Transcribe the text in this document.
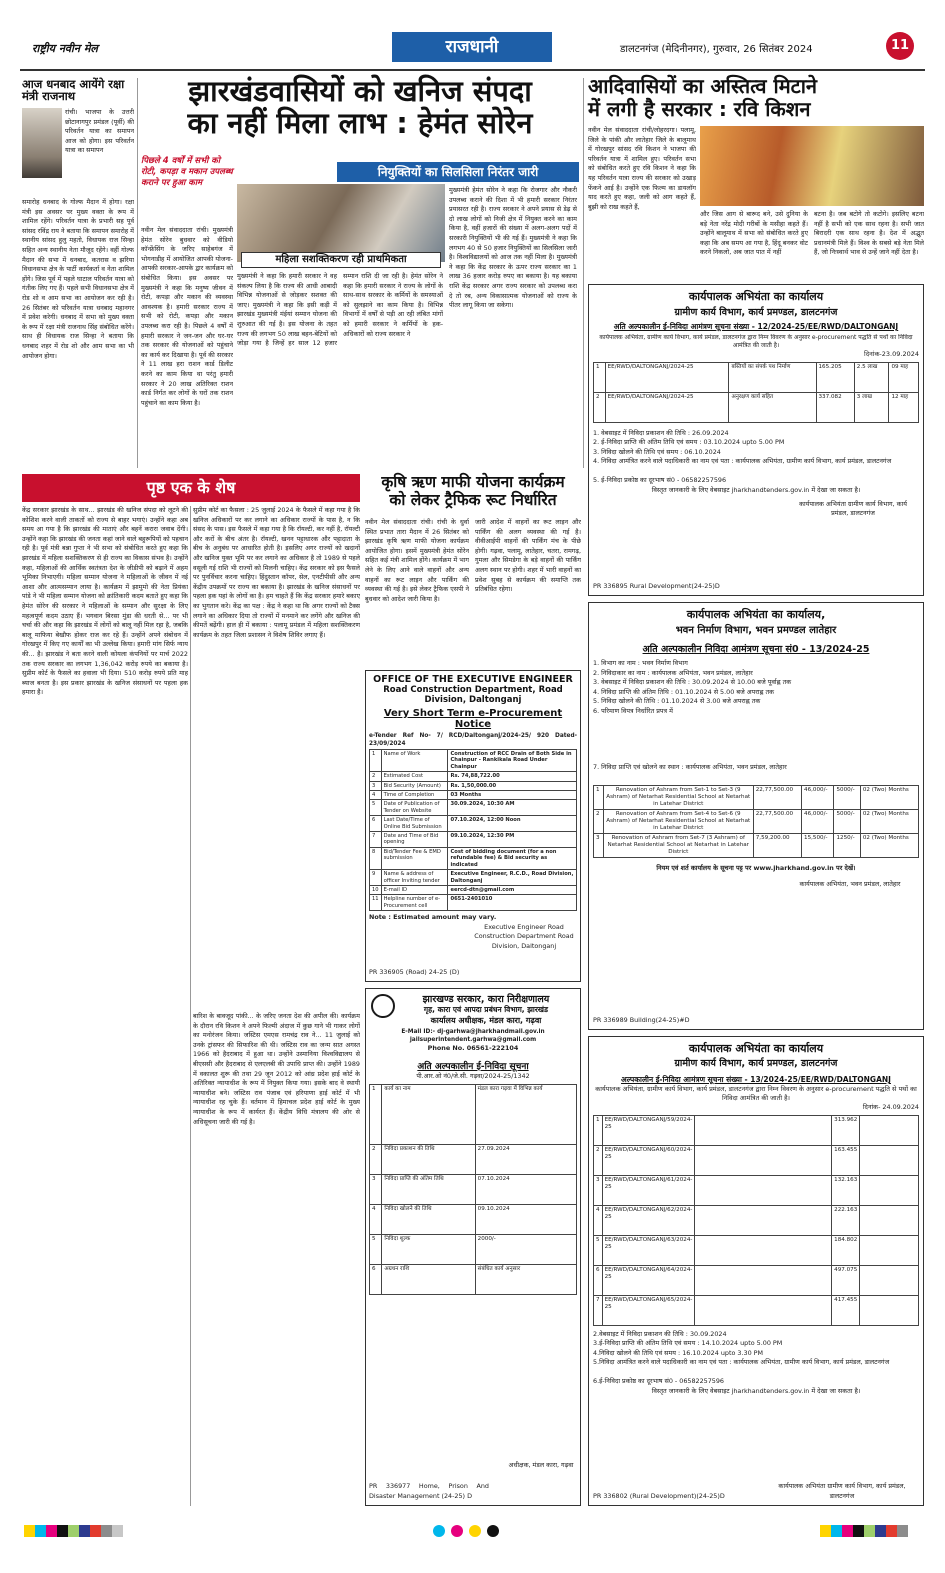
राष्ट्रीय नवीन मेल	राजधानी	डालटनगंज (मेदिनीनगर), गुरुवार, 26 सितंबर 2024	11
आज धनबाद आयेंगे रक्षा मंत्री राजनाथ
रांची। भाजपा के उत्तरी छोटानागपुर प्रमंडल (पूर्वी) की परिवर्तन यात्रा का समापन आज को होगा। इस परिवर्तन यात्रा का समापन
समारोह धनबाद के गोल्फ मैदान में होगा। रक्षा मंत्री इस अवसर पर मुख्य वक्ता के रूप में शामिल रहेंगे। परिवर्तन यात्रा के प्रभारी सह पूर्व सांसद रविंद्र राय ने बताया कि समापन समारोह में स्थानीय सांसद हुलु महतो, विधायक राज सिन्हा सहित अन्य स्थानीय नेता मौजूद रहेंगे। वहीं गोल्फ मैदान की सभा में धनबाद, कतरास व झरिया विधानसभा क्षेत्र के पार्टी कार्यकर्ता व नेता शामिल होंगे। जिस पूर्व में पहले घाटाल परिवर्तन यात्रा को गंतीक लिए गए हैं। पहले सभी विधानसभा क्षेत्र में रोड शो व आम सभा का आयोजन कर रही है। 26 सितंबर को परिवर्तन यात्रा धनबाद महानगर में प्रवेश करेगी। धनबाद में सभा को मुख्य वक्ता के रूप में रक्षा मंत्री राजनाथ सिंह संबोधित करेंगे। साथ ही विधायक राज सिन्हा ने बताया कि धनबाद शहर में रोड शो और आम सभा का भी आयोजन होगा।
झारखंडवासियों को खनिज संपदा
का नहीं मिला लाभ : हेमंत सोरेन
पिछले 4 वर्षों में सभी को रोटी, कपड़ा व मकान उपलब्ध कराने पर हुआ काम
नियुक्तियों का सिलसिला निरंतर जारी
महिला सशक्तिकरण रही प्राथमिकता
नवीन मेल संवाददाता रांची। मुख्यमंत्री हेमंत सोरेन बुधवार को वीडियो कॉन्फ्रेंसिंग के जरिए साहेबगंज में भोगनाडीह में आयोजित आपकी योजना-आपकी सरकार-आपके द्वार कार्यक्रम को संबोधित किया। इस अवसर पर मुख्यमंत्री ने कहा कि मनुष्य जीवन में रोटी, कपड़ा और मकान की व्यवस्था आवश्यक है। हमारी सरकार राज्य में सभी को रोटी, कपड़ा और मकान उपलब्ध करा रही है। पिछले 4 वर्षों में हमारी सरकार ने जन-जन और घर-घर तक सरकार की योजनाओं को पहुंचाने का कार्य कर दिखाया है। पूर्व की सरकार ने 11 लाख हरा राशन कार्ड डिलीट करने का काम किया था परंतु हमारी सरकार ने 20 लाख अतिरिक्त राशन कार्ड निर्गत कर लोगों के घरों तक राशन पहुंचाने का काम किया है।
मुख्यमंत्री ने कहा कि हमारी सरकार ने वह संकल्प लिया है कि राज्य की आधी आबादी विभिन्न योजनाओं से जोड़कर सशक्त की जाए। मुख्यमंत्री ने कहा कि इसी कड़ी में झारखंड मुख्यमंत्री मंईयां सम्मान योजना की शुरुआत की गई है। इस योजना के तहत राज्य की लगभग 50 लाख बहन-बेटियों को जोड़ा गया है जिन्हें हर साल 12 हजार सम्मान राशि दी जा रही है। हेमंत सोरेन ने कहा कि हमारी सरकार ने राज्य के लोगों के साथ-साथ सरकार के कर्मियों के समस्याओं को सुलझाने का काम किया है। विभिन्न विभागों में वर्षों से पड़ी आ रही लंबित मांगों को हमारी सरकार ने कर्मियों के हक-अधिकारों को राज्य सरकार ने
मुख्यमंत्री हेमंत सोरेन ने कहा कि रोजगार और नौकरी उपलब्ध कराने की दिशा में भी हमारी सरकार निरंतर प्रयासरत रही है। राज्य सरकार ने अपने प्रयास से डेढ़ से दो लाख लोगों को निजी क्षेत्र में नियुक्त करने का काम किया है, वहीं हजारों की संख्या में अलग-अलग पदों में सरकारी नियुक्तियों भी की गई हैं। मुख्यमंत्री ने कहा कि लगभग 40 से 50 हजार नियुक्तियों का सिलसिला जारी है। विश्वविद्यालयों को आज तक नहीं मिला है। मुख्यमंत्री ने कहा कि केंद्र सरकार के ऊपर राज्य सरकार का 1 लाख 36 हजार करोड़ रुपए का बकाया है। यह बकाया राशि केंद्र सरकार अगर राज्य सरकार को उपलब्ध करा दे तो रब, अन्य विकासात्मक योजनाओं को राज्य के पीतर लागू किया जा सकेगा।
आदिवासियों का अस्तित्व मिटाने
में लगी है सरकार : रवि किशन
नवीन मेल संवाददाता रांची/लोहरदगा। पलामू, जिले के पांकी और लातेहार जिले के बालूमाथ में गोरखपुर सांसद रवि किशन ने भाजपा की परिवर्तन यात्रा में शामिल हुए। परिवर्तन सभा को संबोधित करते हुए रवि किशन ने कहा कि यह परिवर्तन यात्रा राज्य की सरकार को उखाड़ फेंकने आई है। उन्होंने एक फिल्म का डायलॉग याद करते हुए कहा, जली को आग कहते हैं, बुझी को राख कहते हैं,
और जिस आग से बारूद बने, उसे दुनिया के बड़े नेता नरेंद्र मोदी गरीबों के मसीहा कहते हैं। उन्होंने बालूमाथ में सभा को संबोधित करते हुए कहा कि अब समय आ गया है, हिंदू बनकर वोट करने निकलो, अब जात पात में नहीं
बटना है। जब बटोगे तो कटोगे। इसलिए बटना नहीं है सभी को एक साथ रहना है। सभी जात बिरादरी एक साथ रहना है। देश में अद्भुत प्रधानमंत्री मिले हैं। विश्व के सबसे बड़े नेता मिले हैं, जो निःस्वार्थ भाव से उन्हें जाने नहीं देता है।
कार्यपालक अभियंता का कार्यालय
ग्रामीण कार्य विभाग, कार्य प्रमण्डल, डालटनगंज
अति अल्पकालीन ई-निविदा आमंत्रण सूचना संख्या - 12/2024-25/EE/RWD/DALTONGANJ
कार्यपालक अभियंता, ग्रामीण कार्य विभाग, कार्य प्रमंडल, डालटनगंज द्वारा निम्न विवरण के अनुसार e-procurement पद्धति से पथों का निविदा आमंत्रित की जाती है।
दिनांक-23.09.2024
1	EE/RWD/DALTONGANJ/2024-25	बस्तियों का संपर्क पथ निर्माण	165.205	2.5 लाख	09 माह
2	EE/RWD/DALTONGANJ/2024-25	अनुरक्षण कार्य सहित	337.082	3 लाख	12 माह
1. वेबसाइट में निविदा प्रकाशन की तिथि : 26.09.2024
2. ई-निविदा प्राप्ति की अंतिम तिथि एवं समय : 03.10.2024 upto 5.00 PM
3. निविदा खोलने की तिथि एवं समय : 06.10.2024
4. निविदा आमंत्रित करने वाले पदाधिकारी का नाम एवं पता : कार्यपालक अभियंता, ग्रामीण कार्य विभाग, कार्य प्रमंडल, डालटनगंज
5. ई-निविदा प्रकोष्ठ का दूरभाष सं0 - 06582257596
विस्तृत जानकारी के लिए वेबसाइट jharkhandtenders.gov.in में देखा जा सकता है।
कार्यपालक अभियंता ग्रामीण कार्य विभाग, कार्य प्रमंडल, डालटनगंज
PR 336895 Rural Development(24-25)D
पृष्ठ एक के शेष
केंद्र सरकार झारखंड के साथ... झारखंड की खनिज संपदा को लूटने की कोशिश करने वाली ताकतों को राज्य से बाहर भगाएं। उन्होंने कहा अब समय आ गया है कि झारखंड की माताएं और बहनें करारा जवाब देंगी। उन्होंने कहा कि झारखंड की जनता कहां जाने वाले बहुरूपियों को पहचान रही है। पूर्व मंत्री बन्ना गुप्ता ने भी सभा को संबोधित करते हुए कहा कि झारखंड में महिला सशक्तिकरण से ही राज्य का विकास संभव है। उन्होंने कहा, महिलाओं की आर्थिक स्वतंत्रता देश के जीडीपी को बढ़ाने में अहम भूमिका निभाएगी। महिला सम्मान योजना ने महिलाओं के जीवन में नई आशा और आत्मसम्मान लाया है। कार्यक्रम में झामुमो की नेता प्रियंका पांडे ने भी महिला सम्मान योजना को क्रांतिकारी कदम बताते हुए कहा कि हेमंत सोरेन की सरकार ने महिलाओं के सम्मान और सुरक्षा के लिए महत्वपूर्ण कदम उठाए हैं। भगवान बिरसा मुंडा की धरती से... पर भी चर्चा की और कहा कि झारखंड में लोगों को बालू नहीं मिल रहा है, जबकि बालू माफिया बेखौफ होकर राज कर रहे हैं। उन्होंने अपने संबोधन में गोरखपुर में किए गए कार्यों का भी उल्लेख किया। हमारी मांग सिर्फ न्याय की... है। झारखंड ने बता करने वाली कोयला कंपनियों पर मार्च 2022 तक राज्य सरकार का लगभग 1,36,042 करोड़ रुपये का बकाया है। सुप्रीम कोर्ट के फैसले का हवाला भी दिया। 510 करोड़ रुपये प्रति माह ब्याज बनता है। इस प्रकार झारखंड के खनिज संसाधनों पर पहला हक हमारा है।
सुप्रीम कोर्ट का फैसला : 25 जुलाई 2024 के फैसले में कहा गया है कि खनिज अधिकारों पर कर लगाने का अधिकार राज्यों के पास है, न कि संसद के पास। इस फैसले में कहा गया है कि रॉयल्टी, कर नहीं है, रॉयल्टी और करों के बीच अंतर है। रॉयल्टी, खनन पट्टाधारक और पट्टादाता के बीच के अनुबंध पर आधारित होती है। इसलिए अगर राज्यों को खदानों और खनिज युक्त भूमि पर कर लगाने का अधिकार है तो 1989 से पहले वसूली गई राशि भी राज्यों को मिलनी चाहिए। केंद्र सरकार को इस फैसले पर पुनर्विचार करना चाहिए। हिंदुस्तान कॉपर, सेल, एनटीपीसी और अन्य केंद्रीय उपक्रमों पर राज्य का बकाया है। झारखंड के खनिज संसाधनों पर पहला हक यहां के लोगों का है। हम चाहते हैं कि केंद्र सरकार हमारे बकाए का भुगतान करे। केंद्र का पक्ष : केंद्र ने कहा था कि अगर राज्यों को टैक्स लगाने का अधिकार दिया तो राज्यों में मनमाने कर लगेंगे और खनिज की कीमतें बढ़ेंगी। हाल ही में बकाया : पलामू प्रमंडल में महिला सशक्तिकरण कार्यक्रम के तहत जिला प्रशासन ने विशेष शिविर लगाए हैं।
बारिश के बावजूद पांकी... के जरिए जनता देश की अपील की। कार्यक्रम के दौरान रवि किशन ने अपने फिल्मी अंदाज में कुछ गाने भी गाकर लोगों का मनोरंजन किया। जस्टिस एमएस रामचंद्र राव ने... 11 जुलाई को उनके ट्रांसफर की सिफारिश की थी। जस्टिस राव का जन्म सात अगस्त 1966 को हैदराबाद में हुआ था। उन्होंने उस्मानिया विश्वविद्यालय से बीएससी और हैदराबाद से एलएलबी की उपाधि प्राप्त की। उन्होंने 1989 में वकालत शुरू की तथा 29 जून 2012 को आंध्र प्रदेश हाई कोर्ट के अतिरिक्त न्यायाधीश के रूप में नियुक्त किया गया। इसके बाद वे स्थायी न्यायाधीश बने। जस्टिस राव पंजाब एवं हरियाणा हाई कोर्ट में भी न्यायाधीश रह चुके हैं। वर्तमान में हिमाचल प्रदेश हाई कोर्ट के मुख्य न्यायाधीश के रूप में कार्यरत हैं। केंद्रीय विधि मंत्रालय की ओर से अधिसूचना जारी की गई है।
कृषि ऋण माफी योजना कार्यक्रम
को लेकर ट्रैफिक रूट निर्धारित
नवीन मेल संवाददाता रांची। रांची के धुर्वा स्थित प्रभात तारा मैदान में 26 सितंबर को झारखंड कृषि ऋण माफी योजना कार्यक्रम आयोजित होगा। इसमें मुख्यमंत्री हेमंत सोरेन सहित कई मंत्री शामिल होंगे। कार्यक्रम में भाग लेने के लिए आने वाले वाहनों और अन्य वाहनों का रूट लाइन और पार्किंग की व्यवस्था की गई है। इसे लेकर ट्रैफिक एसपी ने बुधवार को आदेश जारी किया है।
जारी आदेश में वाहनों का रूट लाइन और पार्किंग की अलग व्यवस्था की गई है। वीवीआईपी वाहनों की पार्किंग मंच के पीछे होगी। गढ़वा, पलामू, लातेहार, चतरा, रामगढ़, गुमला और सिमडेगा के बड़े वाहनों की पार्किंग अलग स्थान पर होगी। शहर में भारी वाहनों का प्रवेश सुबह से कार्यक्रम की समाप्ति तक प्रतिबंधित रहेगा।
OFFICE OF THE EXECUTIVE ENGINEER
Road Construction Department, Road Division, Daltonganj
Very Short Term e-Procurement Notice
e-Tender Ref No- 7/ RCD/Daltonganj/2024-25/ 920 Dated-23/09/2024
1	Name of Work	Construction of RCC Drain of Both Side in Chainpur - Rankikala Road Under Chainpur
2	Estimated Cost	Rs. 74,88,722.00
3	Bid Security (Amount)	Rs. 1,50,000.00
4	Time of Completion	03 Months
5	Date of Publication of Tender on Website	30.09.2024, 10:30 AM
6	Last Date/Time of Online Bid Submission	07.10.2024, 12:00 Noon
7	Date and Time of Bid opening	09.10.2024, 12:30 PM
8	Bid/Tender Fee & EMD submission	Cost of bidding document (for a non refundable fee) & Bid security as indicated
9	Name & address of officer Inviting tender	Executive Engineer, R.C.D., Road Division, Daltonganj
10	E-mail ID	eercd-dtn@gmail.com
11	Helpline number of e-Procurement cell	0651-2401010
Note : Estimated amount may vary.
Executive Engineer Road Construction Department Road Division, Daltonganj
PR 336905 (Road) 24-25 (D)
झारखण्ड सरकार, कारा निरीक्षणालय
गृह, कारा एवं आपदा प्रबंधन विभाग, झारखंड
कार्यालय अधीक्षक, मंडल कारा, गढ़वा
E-Mail ID:- dj-garhwa@jharkhandmail.gov.in jailsuperintendent.garhwa@gmail.com
Phone No. 06561-222104
अति अल्पकालीन ई-निविदा सूचना
पी.आर.ओ नं0/जे.सी. गढ़वा/2024-25/1342
1	कार्य का नाम	मंडल कारा गढ़वा में विभिन्न कार्य
2	निविदा प्रकाशन की तिथि	27.09.2024
3	निविदा प्राप्ति की अंतिम तिथि	07.10.2024
4	निविदा खोलने की तिथि	09.10.2024
5	निविदा शुल्क	2000/-
6	अग्रधन राशि	संबंधित कार्य अनुसार
अधीक्षक, मंडल कारा, गढ़वा
PR 336977 Home, Prison And Disaster Management (24-25) D
कार्यपालक अभियंता का कार्यालय,
भवन निर्माण विभाग, भवन प्रमण्डल लातेहार
अति अल्पकालीन निविदा आमंत्रण सूचना सं0 - 13/2024-25
1. विभाग का नाम : भवन निर्माण विभाग
2. निविदाकार का नाम : कार्यपालक अभियंता, भवन प्रमंडल, लातेहार
3. वेबसाइट में निविदा प्रकाशन की तिथि : 30.09.2024 से 10.00 बजे पूर्वाह्न तक
4. निविदा प्राप्ति की अंतिम तिथि : 01.10.2024 से 5.00 बजे अपराह्न तक
5. निविदा खोलने की तिथि : 01.10.2024 से 3.00 बजे अपराह्न तक
6. परिमाण विपत्र निर्धारित प्रपत्र में
7. निविदा प्राप्ति एवं खोलने का स्थान : कार्यपालक अभियंता, भवन प्रमंडल, लातेहार
1	Renovation of Ashram from Set-1 to Set-3 (9 Ashram) of Netarhat Residential School at Netarhat in Latehar District	22,77,500.00	46,000/-	5000/-	02 (Two) Months
2	Renovation of Ashram from Set-4 to Set-6 (9 Ashram) of Netarhat Residential School at Netarhat in Latehar District	22,77,500.00	46,000/-	5000/-	02 (Two) Months
3	Renovation of Ashram from Set-7 (3 Ashram) of Netarhat Residential School at Netarhat in Latehar District	7,59,200.00	15,500/-	1250/-	02 (Two) Months
नियम एवं शर्त कार्यालय के सूचना पट्ट पर www.jharkhand.gov.in पर देखें।
कार्यपालक अभियंता, भवन प्रमंडल, लातेहार
PR 336989 Building(24-25)#D
कार्यपालक अभियंता का कार्यालय
ग्रामीण कार्य विभाग, कार्य प्रमण्डल, डालटनगंज
अल्पकालीन ई-निविदा आमंत्रण सूचना संख्या - 13/2024-25/EE/RWD/DALTONGANJ
कार्यपालक अभियंता, ग्रामीण कार्य विभाग, कार्य प्रमंडल, डालटनगंज द्वारा निम्न विवरण के अनुसार e-procurement पद्धति से पथों का निविदा आमंत्रित की जाती है।
दिनांक- 24.09.2024
1	EE/RWD/DALTONGANJ/59/2024-25		313.962	
2	EE/RWD/DALTONGANJ/60/2024-25		163.455	
3	EE/RWD/DALTONGANJ/61/2024-25		132.163	
4	EE/RWD/DALTONGANJ/62/2024-25		222.163	
5	EE/RWD/DALTONGANJ/63/2024-25		184.802	
6	EE/RWD/DALTONGANJ/64/2024-25		497.075	
7	EE/RWD/DALTONGANJ/65/2024-25		417.455	
2.वेबसाइट में निविदा प्रकाशन की तिथि : 30.09.2024
3.ई-निविदा प्राप्ति की अंतिम तिथि एवं समय : 14.10.2024 upto 5.00 PM
4.निविदा खोलने की तिथि एवं समय : 16.10.2024 upto 3.30 PM
5.निविदा आमंत्रित करने वाले पदाधिकारी का नाम एवं पता : कार्यपालक अभियंता, ग्रामीण कार्य विभाग, कार्य प्रमंडल, डालटनगंज
6.ई-निविदा प्रकोष्ठ का दूरभाष सं0 - 06582257596
विस्तृत जानकारी के लिए वेबसाइट jharkhandtenders.gov.in में देखा जा सकता है।
कार्यपालक अभियंता ग्रामीण कार्य विभाग, कार्य प्रमंडल, डालटनगंज
PR 336802 (Rural Development)(24-25)D
